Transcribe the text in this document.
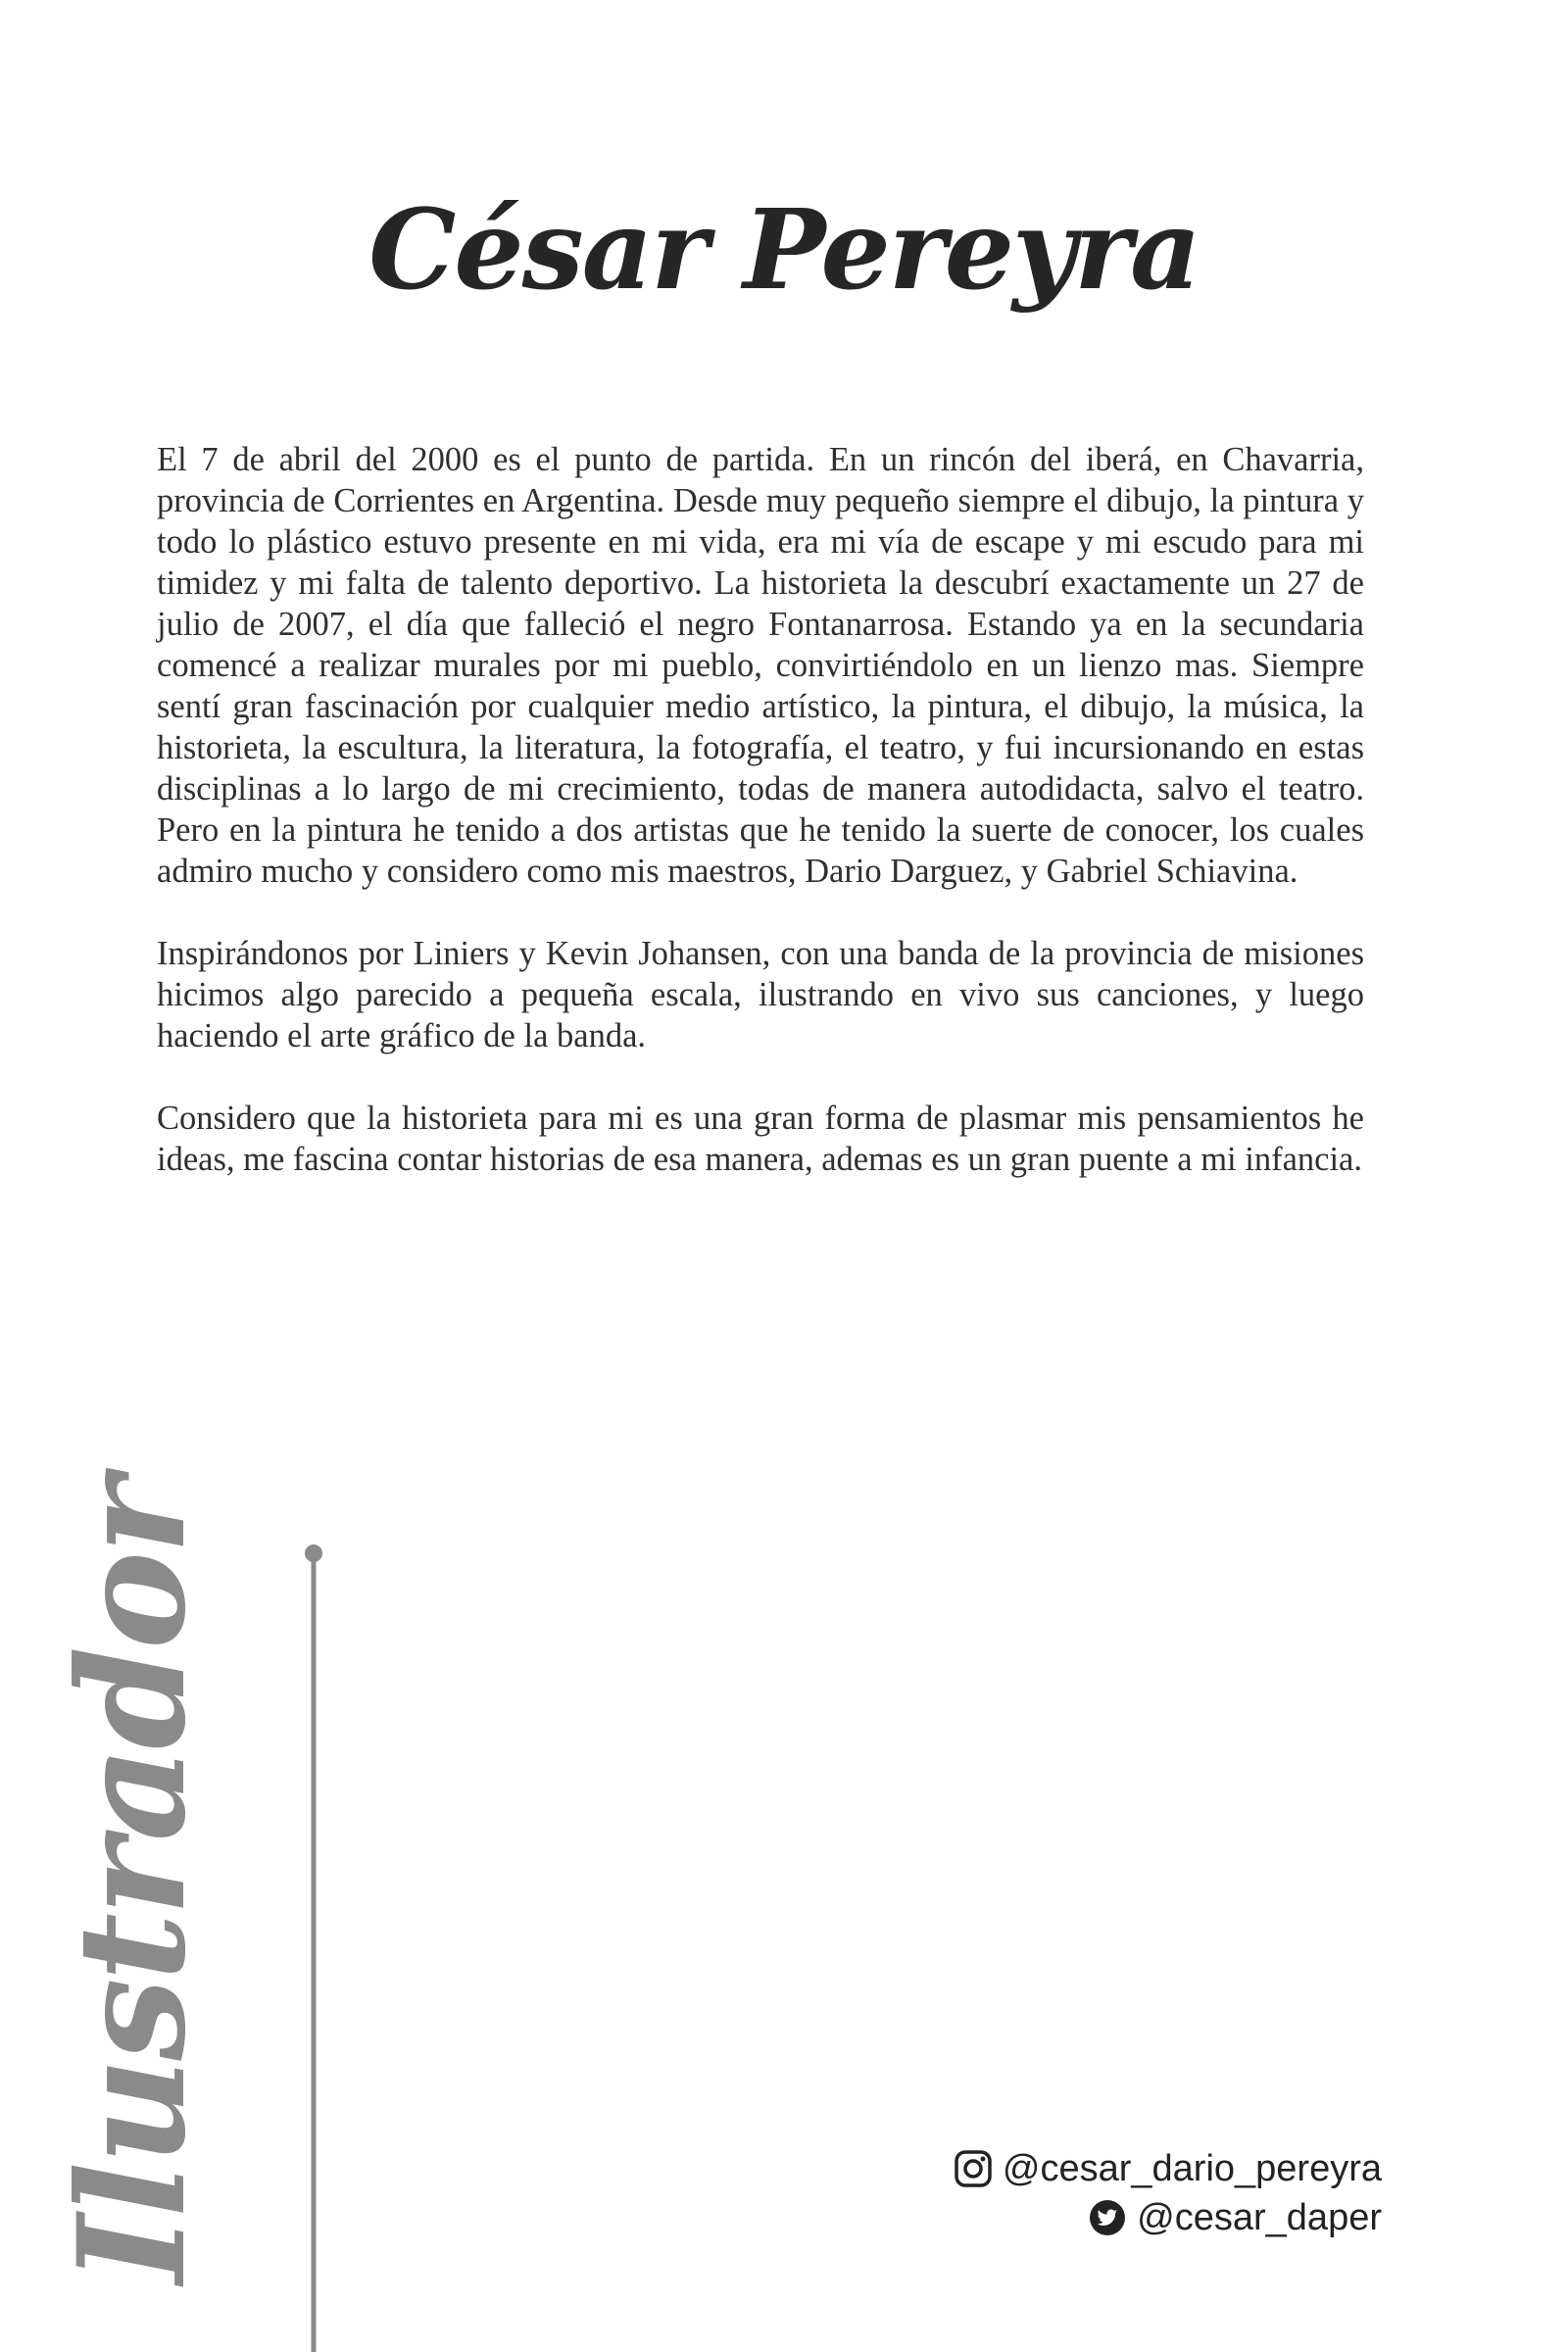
César Pereyra

El 7 de abril del 2000 es el punto de partida. En un rincón del iberá, en Chavarria, provincia de Corrientes en Argentina. Desde muy pequeño siempre el dibujo, la pintura y todo lo plástico estuvo presente en mi vida, era mi vía de escape y mi escudo para mi timidez y mi falta de talento deportivo. La historieta la descubrí exactamente un 27 de julio de 2007, el día que falleció el negro Fontanarrosa. Estando ya en la secundaria comencé a realizar murales por mi pueblo, convirtiéndolo en un lienzo mas. Siempre sentí gran fascinación por cualquier medio artístico, la pintura, el dibujo, la música, la historieta, la escultura, la literatura, la fotografía, el teatro, y fui incursionando en estas disciplinas a lo largo de mi crecimiento, todas de manera autodidacta, salvo el teatro. Pero en la pintura he tenido a dos artistas que he tenido la suerte de conocer, los cuales admiro mucho y considero como mis maestros, Dario Darguez, y Gabriel Schiavina.

Inspirándonos por Liniers y Kevin Johansen, con una banda de la provincia de misiones hicimos algo parecido a pequeña escala, ilustrando en vivo sus canciones, y luego haciendo el arte gráfico de la banda.

Considero que la historieta para mi es una gran forma de plasmar mis pensamientos he ideas, me fascina contar historias de esa manera, ademas es un gran puente a mi infancia.

Ilustrador	@cesar_dario_pereyra
@cesar_daper
